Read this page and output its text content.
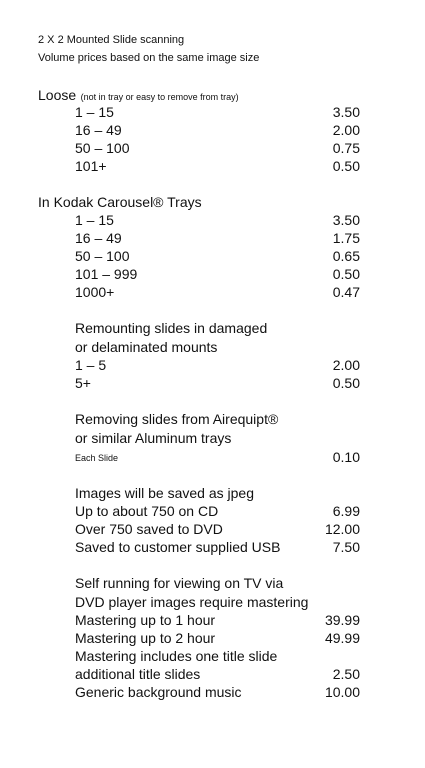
2 X 2 Mounted Slide scanning
Volume prices based on the same image size
Loose (not in tray or easy to remove from tray)
1 – 15	3.50
16 – 49	2.00
50 – 100	0.75
101+	0.50
In Kodak Carousel® Trays
1 – 15	3.50
16 – 49	1.75
50 – 100	0.65
101 – 999	0.50
1000+	0.47
Remounting slides in damaged
or delaminated mounts
1 – 5	2.00
5+	0.50
Removing slides from Airequipt®
or similar Aluminum trays
Each Slide	0.10
Images will be saved as jpeg
Up to about 750 on CD	6.99
Over 750 saved to DVD	12.00
Saved to customer supplied USB	7.50
Self running for viewing on TV via
DVD player images require mastering
Mastering up to 1 hour	39.99
Mastering up to 2 hour	49.99
Mastering includes one title slide
additional title slides	2.50
Generic background music	10.00
